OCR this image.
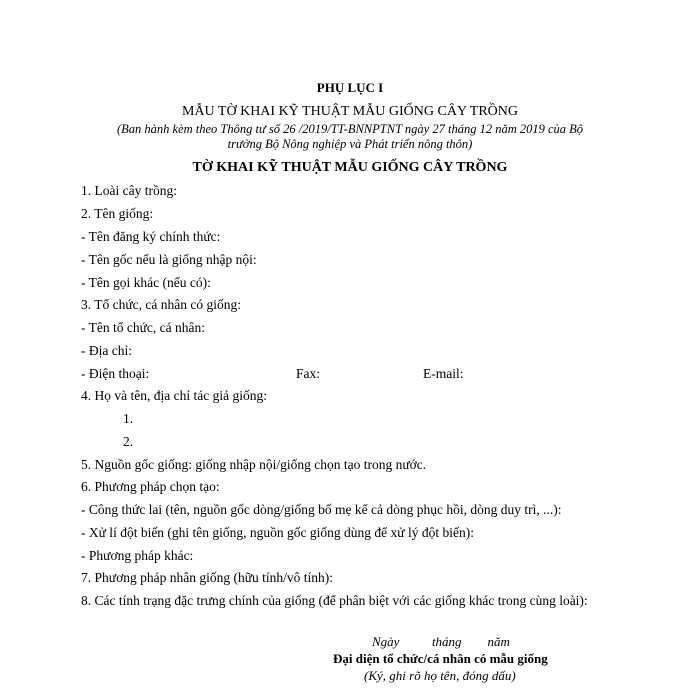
PHỤ LỤC I
MẪU TỜ KHAI KỸ THUẬT MẪU GIỐNG CÂY TRỒNG
(Ban hành kèm theo Thông tư số 26 /2019/TT-BNNPTNT ngày 27 tháng 12 năm 2019 của Bộ
trưởng Bộ Nông nghiệp và Phát triển nông thôn)
TỜ KHAI KỸ THUẬT MẪU GIỐNG CÂY TRỒNG
1. Loài cây trồng:
2. Tên giống:
- Tên đăng ký chính thức:
- Tên gốc nếu là giống nhập nội:
- Tên gọi khác (nếu có):
3. Tổ chức, cá nhân có giống:
- Tên tổ chức, cá nhân:
- Địa chỉ:
- Điện thoại:	Fax:	E-mail:
4. Họ và tên, địa chỉ tác giả giống:
1.
2.
5. Nguồn gốc giống: giống nhập nội/giống chọn tạo trong nước.
6. Phương pháp chọn tạo:
- Công thức lai (tên, nguồn gốc dòng/giống bố mẹ kể cả dòng phục hồi, dòng duy trì, ...):
- Xử lí đột biến (ghi tên giống, nguồn gốc giống dùng để xử lý đột biến):
- Phương pháp khác:
7. Phương pháp nhân giống (hữu tính/vô tính):
8. Các tính trạng đặc trưng chính của giống (để phân biệt với các giống khác trong cùng loài):
Ngày          tháng        năm
Đại diện tổ chức/cá nhân có mẫu giống
(Ký, ghi rõ họ tên, đóng dấu)
